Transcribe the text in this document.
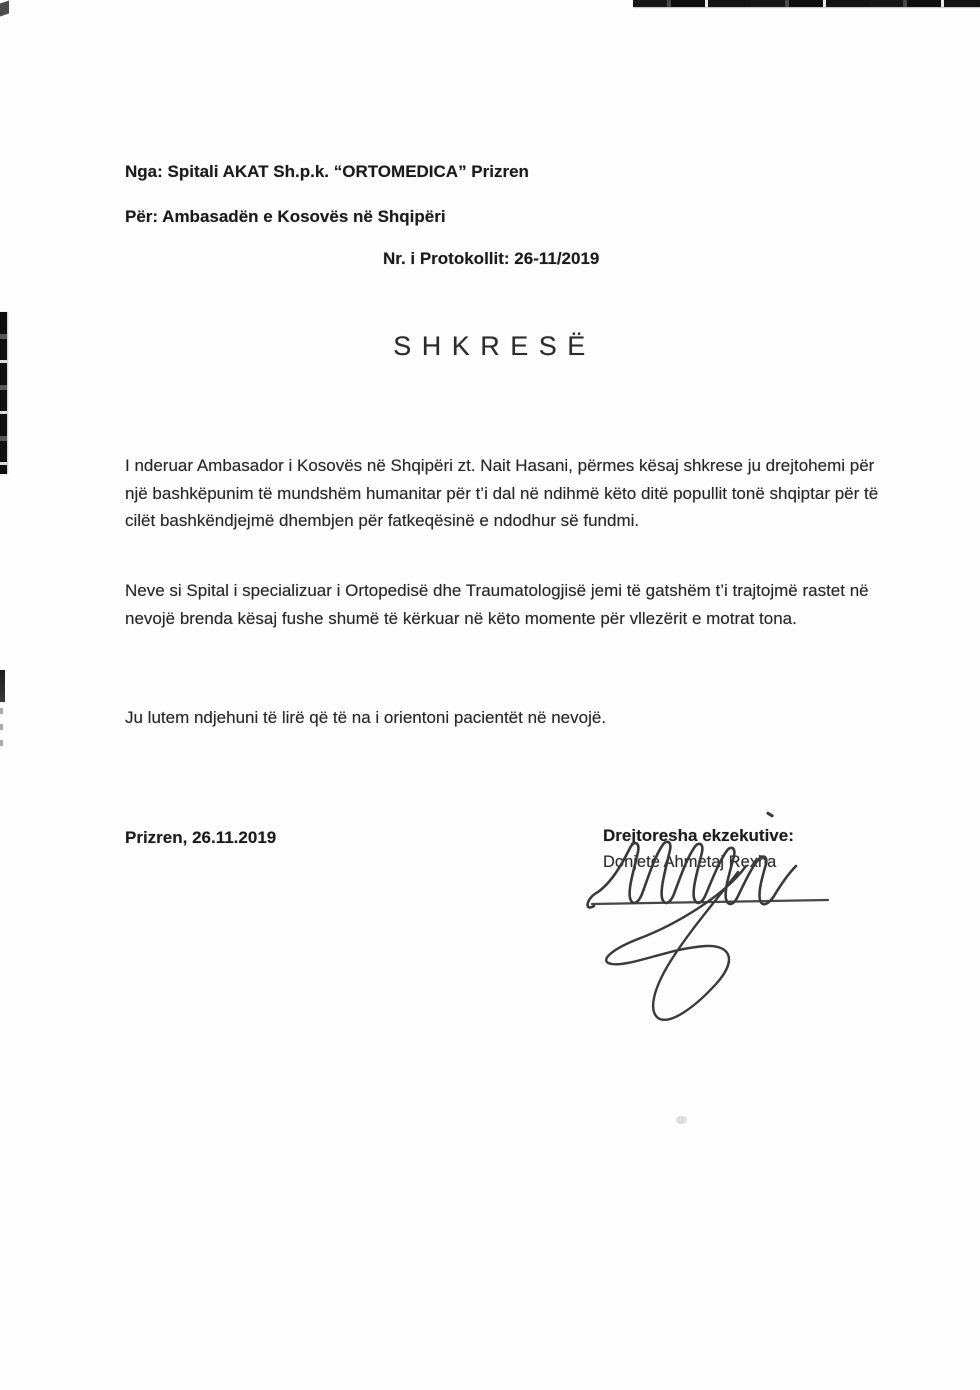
Nga: Spitali AKAT Sh.p.k. “ORTOMEDICA” Prizren
Për: Ambasadën e Kosovës në Shqipëri
Nr. i Protokollit: 26-11/2019
S H K R E S Ë

I nderuar Ambasador i Kosovës në Shqipëri zt. Nait Hasani, përmes kësaj shkrese ju drejtohemi për një bashkëpunim të mundshëm humanitar për t’i dal në ndihmë këto ditë popullit tonë shqiptar për të cilët bashkëndjejmë dhembjen për fatkeqësinë e ndodhur së fundmi.

Neve si Spital i specializuar i Ortopedisë dhe Traumatologjisë jemi të gatshëm t’i trajtojmë rastet në nevojë brenda kësaj fushe shumë të kërkuar në këto momente për vllezërit e motrat tona.

Ju lutem ndjehuni të lirë që të na i orientoni pacientët në nevojë.

Prizren, 26.11.2019	Drejtoresha ekzekutive:
Donjetë Ahmetaj Rexha
